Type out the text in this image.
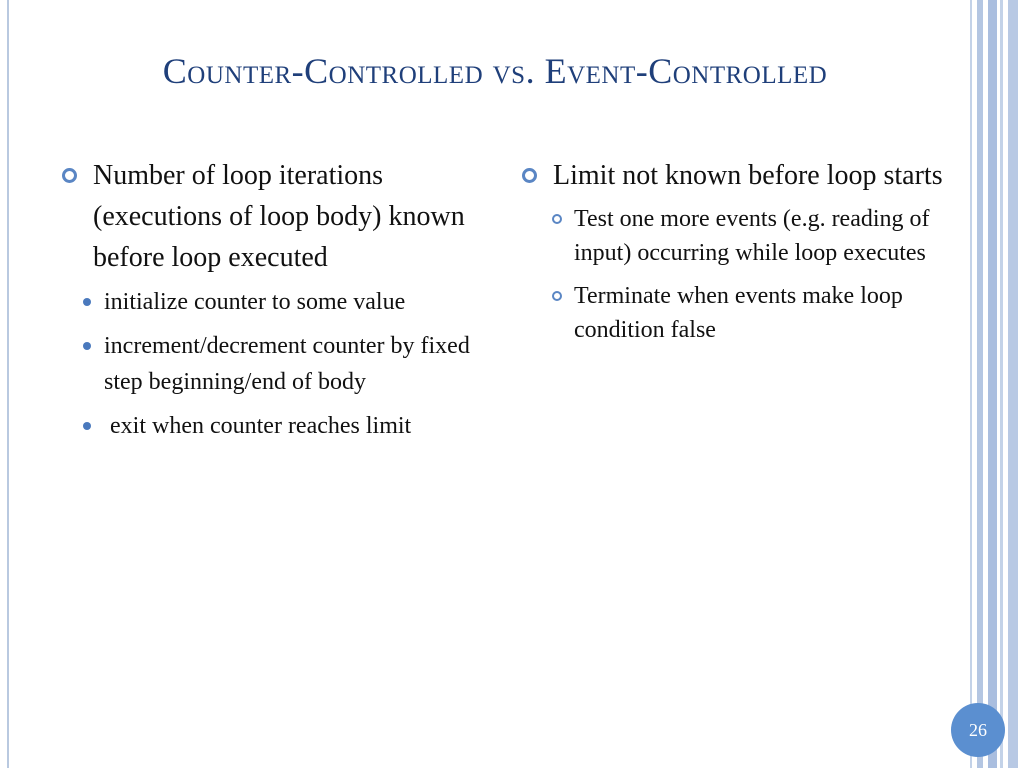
Counter-Controlled vs. Event-Controlled
Number of loop iterations (executions of loop body) known before loop executed
initialize counter to some value
increment/decrement counter by fixed step beginning/end of body
exit when counter reaches limit
Limit not known before loop starts
Test one more events (e.g. reading of input) occurring while loop executes
Terminate when events make loop condition false
26
